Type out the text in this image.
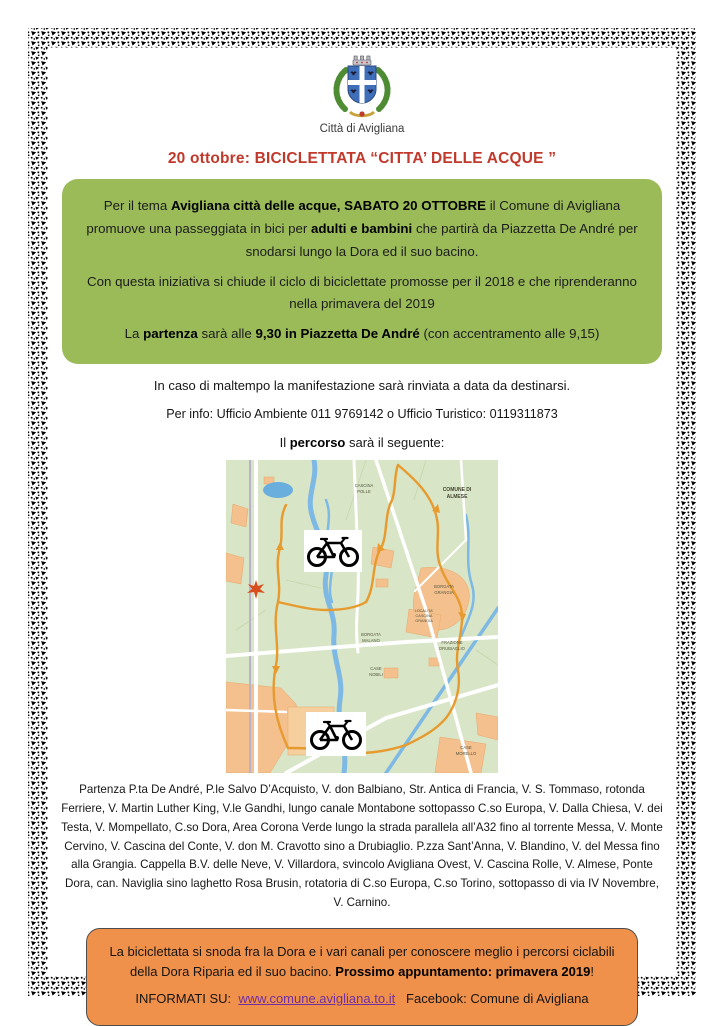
Città di Avigliana
20 ottobre: BICICLETTATA “CITTA’ DELLE ACQUE ”

Per il tema Avigliana città delle acque, SABATO 20 OTTOBRE il Comune di Avigliana promuove una passeggiata in bici per adulti e bambini che partirà da Piazzetta De André per snodarsi lungo la Dora ed il suo bacino.

Con questa iniziativa si chiude il ciclo di biciclettate promosse per il 2018 e che riprenderanno nella primavera del 2019

La partenza sarà alle 9,30 in Piazzetta De André (con accentramento alle 9,15)

In caso di maltempo la manifestazione sarà rinviata a data da destinarsi.
Per info: Ufficio Ambiente 011 9769142 o Ufficio Turistico: 0119311873
Il percorso sarà il seguente:
COMUNE DI
ALMESE
CASCINA
POLLE
BORGATA
GRANGIA
LOCALITA'
CASCINA
GRANGIA
BORGATA
MALANO
CASE
NOBILI
FRAZIONE
DRUBIAGLIO
CASE
MORELLO
Partenza P.ta De André, P.le Salvo D’Acquisto, V. don Balbiano, Str. Antica di Francia, V. S. Tommaso, rotonda Ferriere, V. Martin Luther King, V.le Gandhi, lungo canale Montabone sottopasso C.so Europa, V. Dalla Chiesa, V. dei Testa, V. Mompellato, C.so Dora, Area Corona Verde lungo la strada parallela all’A32 fino al torrente Messa, V. Monte Cervino, V. Cascina del Conte, V. don M. Cravotto sino a Drubiaglio. P.zza Sant’Anna, V. Blandino, V. del Messa fino alla Grangia. Cappella B.V. delle Neve, V. Villardora, svincolo Avigliana Ovest, V. Cascina Rolle, V. Almese, Ponte Dora, can. Naviglia sino laghetto Rosa Brusin, rotatoria di C.so Europa, C.so Torino, sottopasso di via IV Novembre, V. Carnino.

La biciclettata si snoda fra la Dora e i vari canali per conoscere meglio i percorsi ciclabili della Dora Riparia ed il suo bacino. Prossimo appuntamento: primavera 2019!

INFORMATI SU:  www.comune.avigliana.to.it   Facebook: Comune di Avigliana
